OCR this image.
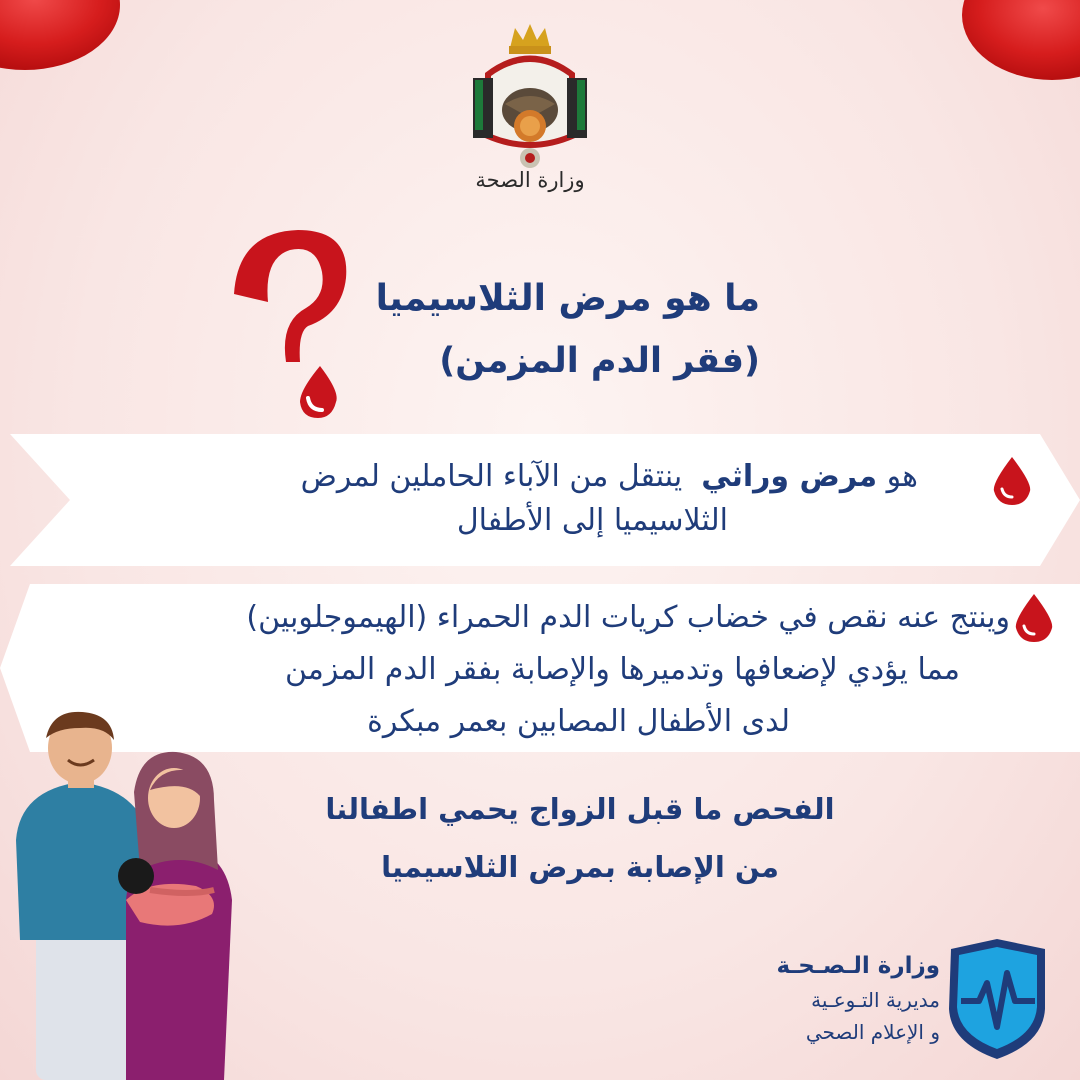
وزارة الصحة
ما هو مرض الثلاسيميا
(فقر الدم المزمن)
هو مرض وراثي  ينتقل من الآباء الحاملين لمرض
الثلاسيميا إلى الأطفال
وينتج عنه نقص في خضاب كريات الدم الحمراء (الهيموجلوبين)
مما يؤدي لإضعافها وتدميرها والإصابة بفقر الدم المزمن
لدى الأطفال المصابين بعمر مبكرة
الفحص ما قبل الزواج يحمي اطفالنا
من الإصابة بمرض الثلاسيميا
وزارة الـصـحـة
مديرية التـوعـية
و الإعلام الصحي
